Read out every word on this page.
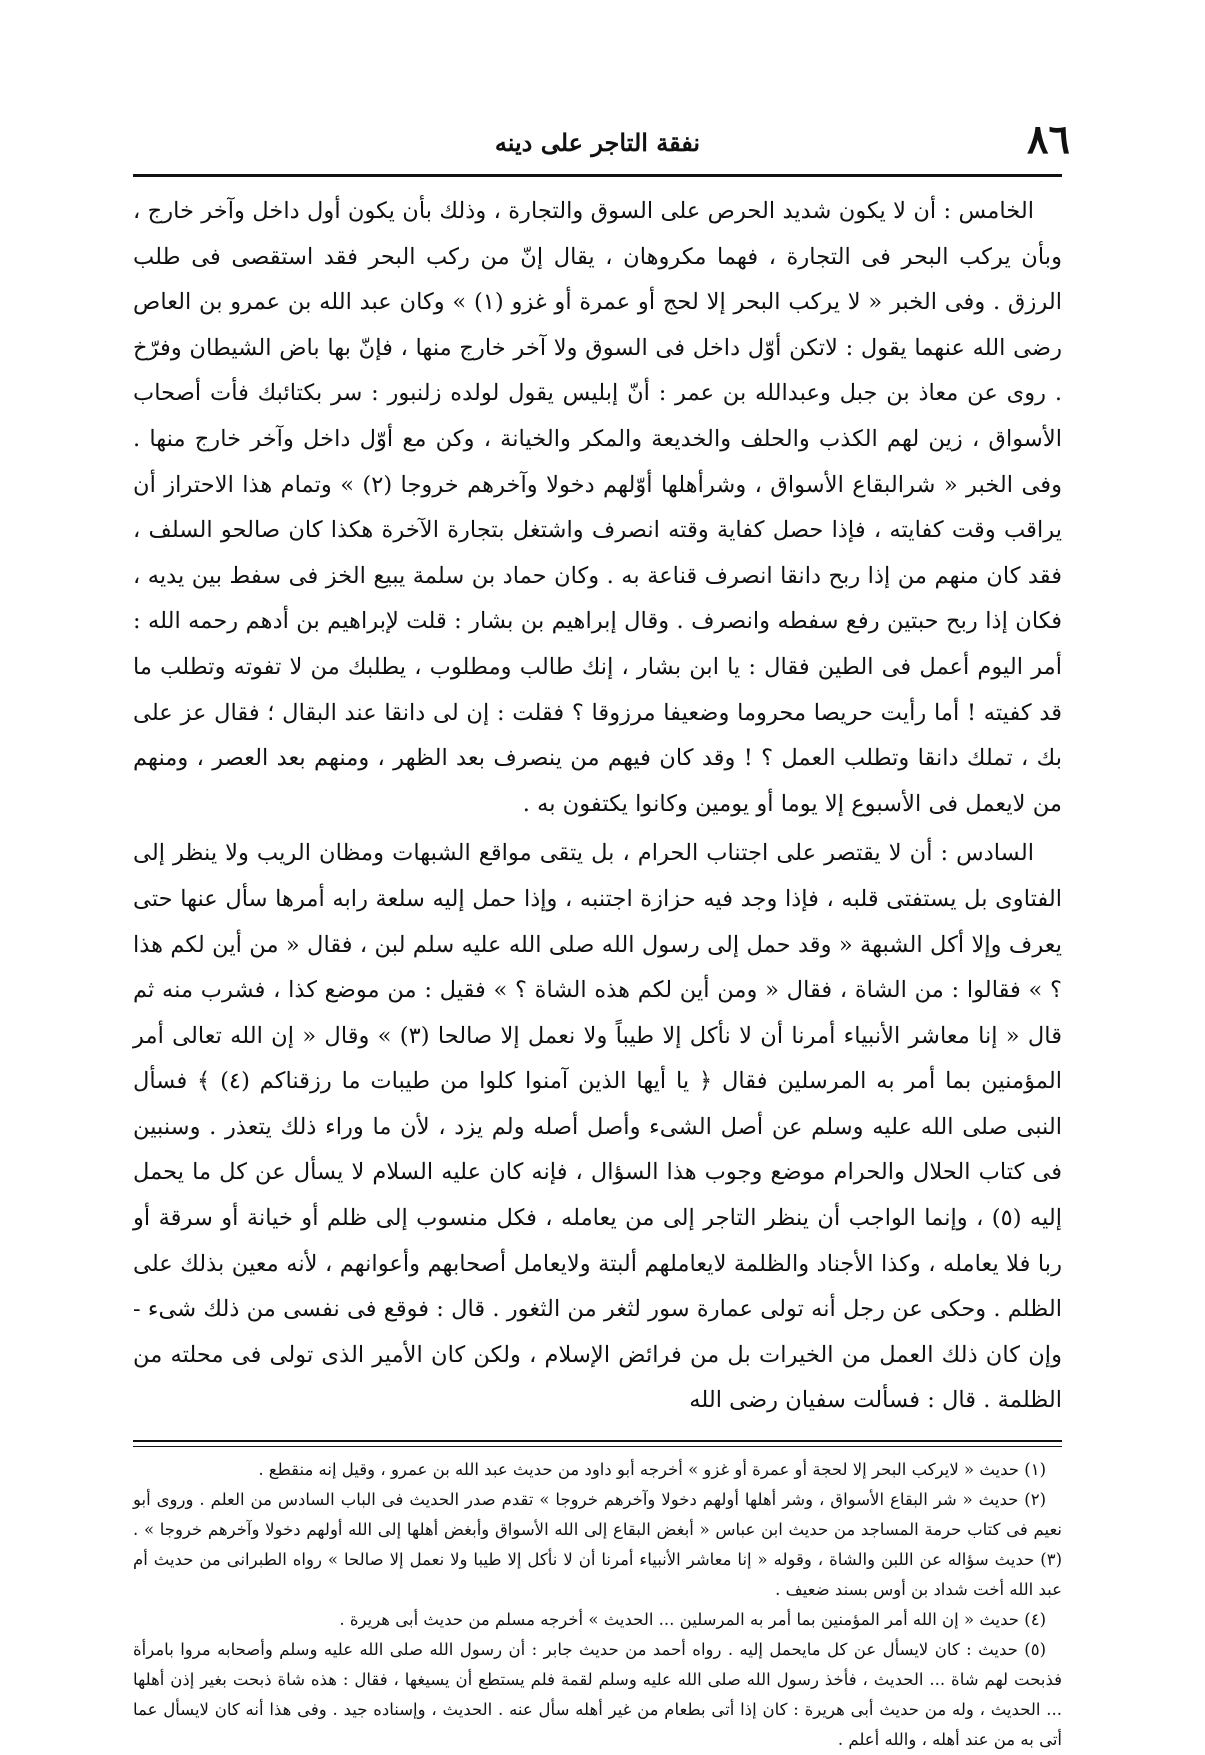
٨٦
نفقة التاجر على دينه

الخامس : أن لا يكون شديد الحرص على السوق والتجارة ، وذلك بأن يكون أول داخل وآخر خارج ، وبأن يركب البحر فى التجارة ، فهما مكروهان ، يقال إنّ من ركب البحر فقد استقصى فى طلب الرزق . وفى الخبر « لا يركب البحر إلا لحج أو عمرة أو غزو (١) » وكان عبد الله بن عمرو بن العاص رضى الله عنهما يقول : لاتكن أوّل داخل فى السوق ولا آخر خارج منها ، فإنّ بها باض الشيطان وفرّخ . روى عن معاذ بن جبل وعبدالله بن عمر : أنّ إبليس يقول لولده زلنبور : سر بكتائبك فأت أصحاب الأسواق ، زين لهم الكذب والحلف والخديعة والمكر والخيانة ، وكن مع أوّل داخل وآخر خارج منها . وفى الخبر « شرالبقاع الأسواق ، وشرأهلها أوّلهم دخولا وآخرهم خروجا (٢) » وتمام هذا الاحتراز أن يراقب وقت كفايته ، فإذا حصل كفاية وقته انصرف واشتغل بتجارة الآخرة هكذا كان صالحو السلف ، فقد كان منهم من إذا ربح دانقا انصرف قناعة به . وكان حماد بن سلمة يبيع الخز فى سفط بين يديه ، فكان إذا ربح حبتين رفع سفطه وانصرف . وقال إبراهيم بن بشار : قلت لإبراهيم بن أدهم رحمه الله : أمر اليوم أعمل فى الطين فقال : يا ابن بشار ، إنك طالب ومطلوب ، يطلبك من لا تفوته وتطلب ما قد كفيته ! أما رأيت حريصا محروما وضعيفا مرزوقا ؟ فقلت : إن لى دانقا عند البقال ؛ فقال عز على بك ، تملك دانقا وتطلب العمل ؟ ! وقد كان فيهم من ينصرف بعد الظهر ، ومنهم بعد العصر ، ومنهم من لايعمل فى الأسبوع إلا يوما أو يومين وكانوا يكتفون به .

السادس : أن لا يقتصر على اجتناب الحرام ، بل يتقى مواقع الشبهات ومظان الريب ولا ينظر إلى الفتاوى بل يستفتى قلبه ، فإذا وجد فيه حزازة اجتنبه ، وإذا حمل إليه سلعة رابه أمرها سأل عنها حتى يعرف وإلا أكل الشبهة « وقد حمل إلى رسول الله صلى الله عليه سلم لبن ، فقال « من أين لكم هذا ؟ » فقالوا : من الشاة ، فقال « ومن أين لكم هذه الشاة ؟ » فقيل : من موضع كذا ، فشرب منه ثم قال « إنا معاشر الأنبياء أمرنا أن لا نأكل إلا طيباً ولا نعمل إلا صالحا (٣) » وقال « إن الله تعالى أمر المؤمنين بما أمر به المرسلين فقال ﴿ يا أيها الذين آمنوا كلوا من طيبات ما رزقناكم (٤) ﴾ فسأل النبى صلى الله عليه وسلم عن أصل الشىء وأصل أصله ولم يزد ، لأن ما وراء ذلك يتعذر . وسنبين فى كتاب الحلال والحرام موضع وجوب هذا السؤال ، فإنه كان عليه السلام لا يسأل عن كل ما يحمل إليه (٥) ، وإنما الواجب أن ينظر التاجر إلى من يعامله ، فكل منسوب إلى ظلم أو خيانة أو سرقة أو ربا فلا يعامله ، وكذا الأجناد والظلمة لايعاملهم ألبتة ولايعامل أصحابهم وأعوانهم ، لأنه معين بذلك على الظلم . وحكى عن رجل أنه تولى عمارة سور لثغر من الثغور . قال : فوقع فى نفسى من ذلك شىء - وإن كان ذلك العمل من الخيرات بل من فرائض الإسلام ، ولكن كان الأمير الذى تولى فى محلته من الظلمة . قال : فسألت سفيان رضى الله

(١) حديث « لايركب البحر إلا لحجة أو عمرة أو غزو » أخرجه أبو داود من حديث عبد الله بن عمرو ، وقيل إنه منقطع .

(٢) حديث « شر البقاع الأسواق ، وشر أهلها أولهم دخولا وآخرهم خروجا » تقدم صدر الحديث فى الباب السادس من العلم . وروى أبو نعيم فى كتاب حرمة المساجد من حديث ابن عباس « أبغض البقاع إلى الله الأسواق وأبغض أهلها إلى الله أولهم دخولا وآخرهم خروجا » . (٣) حديث سؤاله عن اللبن والشاة ، وقوله « إنا معاشر الأنبياء أمرنا أن لا نأكل إلا طيبا ولا نعمل إلا صالحا » رواه الطبرانى من حديث أم عبد الله أخت شداد بن أوس بسند ضعيف .

(٤) حديث « إن الله أمر المؤمنين بما أمر به المرسلين ... الحديث » أخرجه مسلم من حديث أبى هريرة .

(٥) حديث : كان لايسأل عن كل مايحمل إليه . رواه أحمد من حديث جابر : أن رسول الله صلى الله عليه وسلم وأصحابه مروا بامرأة فذبحت لهم شاة ... الحديث ، فأخذ رسول الله صلى الله عليه وسلم لقمة فلم يستطع أن يسيغها ، فقال : هذه شاة ذبحت بغير إذن أهلها ... الحديث ، وله من حديث أبى هريرة : كان إذا أتى بطعام من غير أهله سأل عنه . الحديث ، وإسناده جيد . وفى هذا أنه كان لايسأل عما أتى به من عند أهله ، والله أعلم .
